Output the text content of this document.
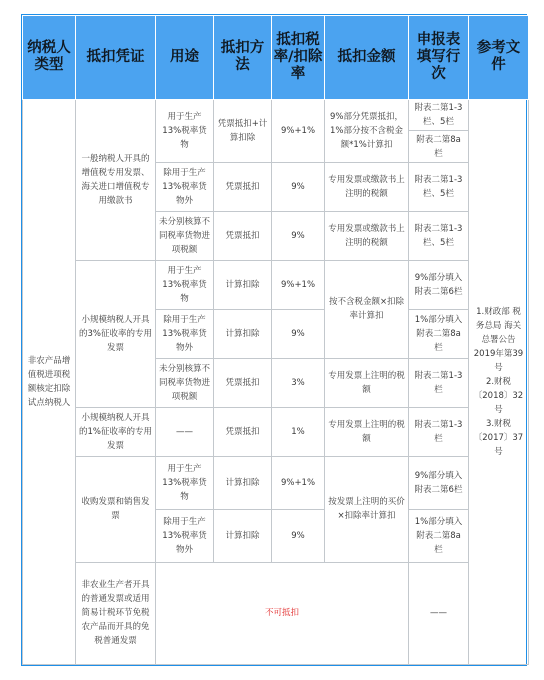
纳税人类型	抵扣凭证	用途	抵扣方法	抵扣税率/扣除率	抵扣金额	申报表填写行次	参考文件
非农产品增值税进项税额核定扣除试点纳税人	一般纳税人开具的增值税专用发票、海关进口增值税专用缴款书	用于生产13%税率货物	凭票抵扣+计算扣除	9%+1%	9%部分凭票抵扣，1%部分按不含税金额*1%计算扣	附表二第1-3栏、5栏	1.财政部 税务总局 海关总署公告2019年第39号
2.财税〔2018〕32号
3.财税〔2017〕37号
						附表二第8a栏	
		除用于生产13%税率货物外	凭票抵扣	9%	专用发票或缴款书上注明的税额	附表二第1-3栏、5栏	
		未分别核算不同税率货物进项税额	凭票抵扣	9%	专用发票或缴款书上注明的税额	附表二第1-3栏、5栏	
	小规模纳税人开具的3%征收率的专用发票	用于生产13%税率货物	计算扣除	9%+1%	按不含税金额×扣除率计算扣	9%部分填入附表二第6栏	
		除用于生产13%税率货物外	计算扣除	9%		1%部分填入附表二第8a栏	
		未分别核算不同税率货物进项税额	凭票抵扣	3%	专用发票上注明的税额	附表二第1-3栏	
	小规模纳税人开具的1%征收率的专用发票	——	凭票抵扣	1%	专用发票上注明的税额	附表二第1-3栏	
	收购发票和销售发票	用于生产13%税率货物	计算扣除	9%+1%	按发票上注明的买价×扣除率计算扣	9%部分填入附表二第6栏	
		除用于生产13%税率货物外	计算扣除	9%		1%部分填入附表二第8a栏	
	非农业生产者开具的普通发票或适用简易计税环节免税农产品而开具的免税普通发票	不可抵扣				——	
